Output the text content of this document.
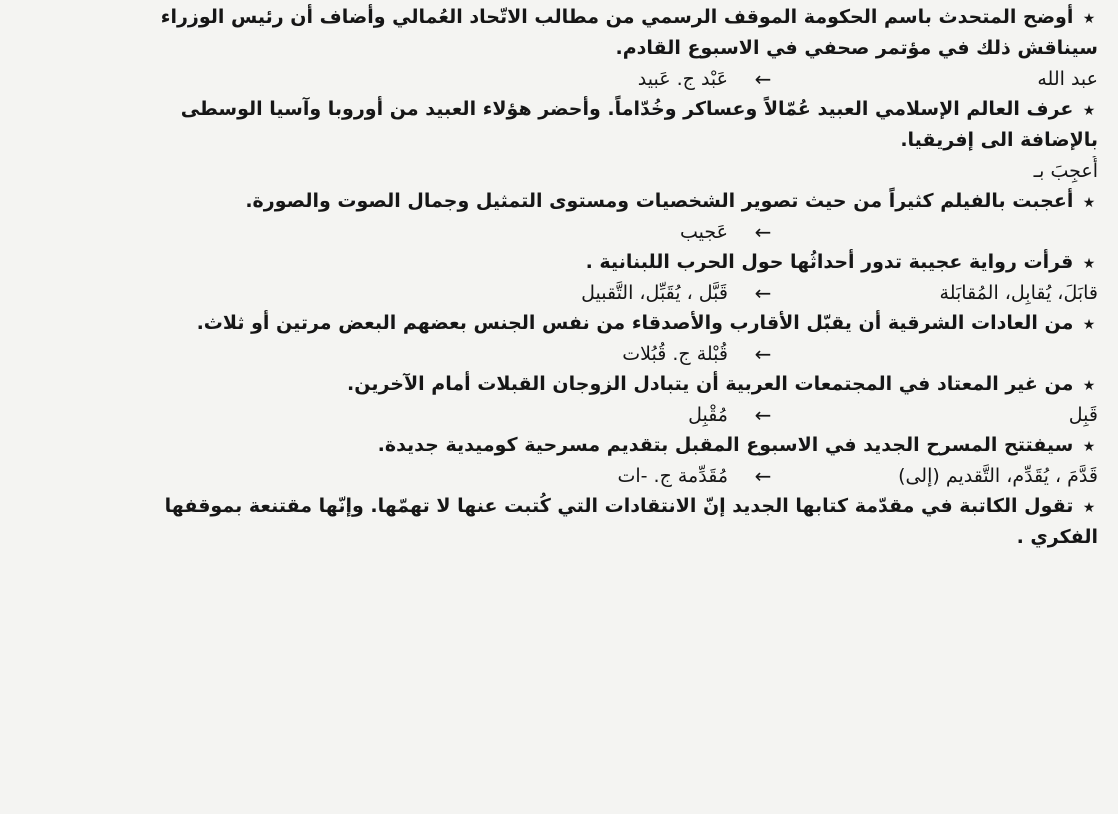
★ أوضح المتحدث باسم الحكومة الموقف الرسمي من مطالب الاتّحاد العُمالي وأضاف أن رئيس الوزراء
سيناقش ذلك في مؤتمر صحفي في الاسبوع القادم.
عبد الله
←
عَبْد ج. عَبيد
★ عرف العالم الإسلامي العبيد عُمّالاً وعساكر وخُدّاماً. وأحضر هؤلاء العبيد من أوروبا وآسيا الوسطى
بالإضافة الى إفريقيا.
أُعجِبَ بـ
★ أعجبت بالفيلم كثيراً من حيث تصوير الشخصيات ومستوى التمثيل وجمال الصوت والصورة.
←
عَجيب
★ قرأت رواية عجيبة تدور أحداثُها حول الحرب اللبنانية .
قابَلَ، يُقابِل، المُقابَلة
←
قَبَّل ، يُقَبِّل، التَّقبيل
★ من العادات الشرقية أن يقبّل الأقارب والأصدقاء من نفس الجنس بعضهم البعض مرتين أو ثلاث.
←
قُبْلة ج. قُبُلات
★ من غير المعتاد في المجتمعات العربية أن يتبادل الزوجان القبلات أمام الآخرين.
قَبِل
←
مُقْبِل
★ سيفتتح المسرح الجديد في الاسبوع المقبل بتقديم مسرحية كوميدية جديدة.
قَدَّمَ ، يُقَدِّم، التَّقديم (إلى)
←
مُقَدِّمة ج. -ات
★ تقول الكاتبة في مقدّمة كتابها الجديد إنّ الانتقادات التي كُتبت عنها لا تهمّها. وإنّها مقتنعة بموقفها
الفكري .
